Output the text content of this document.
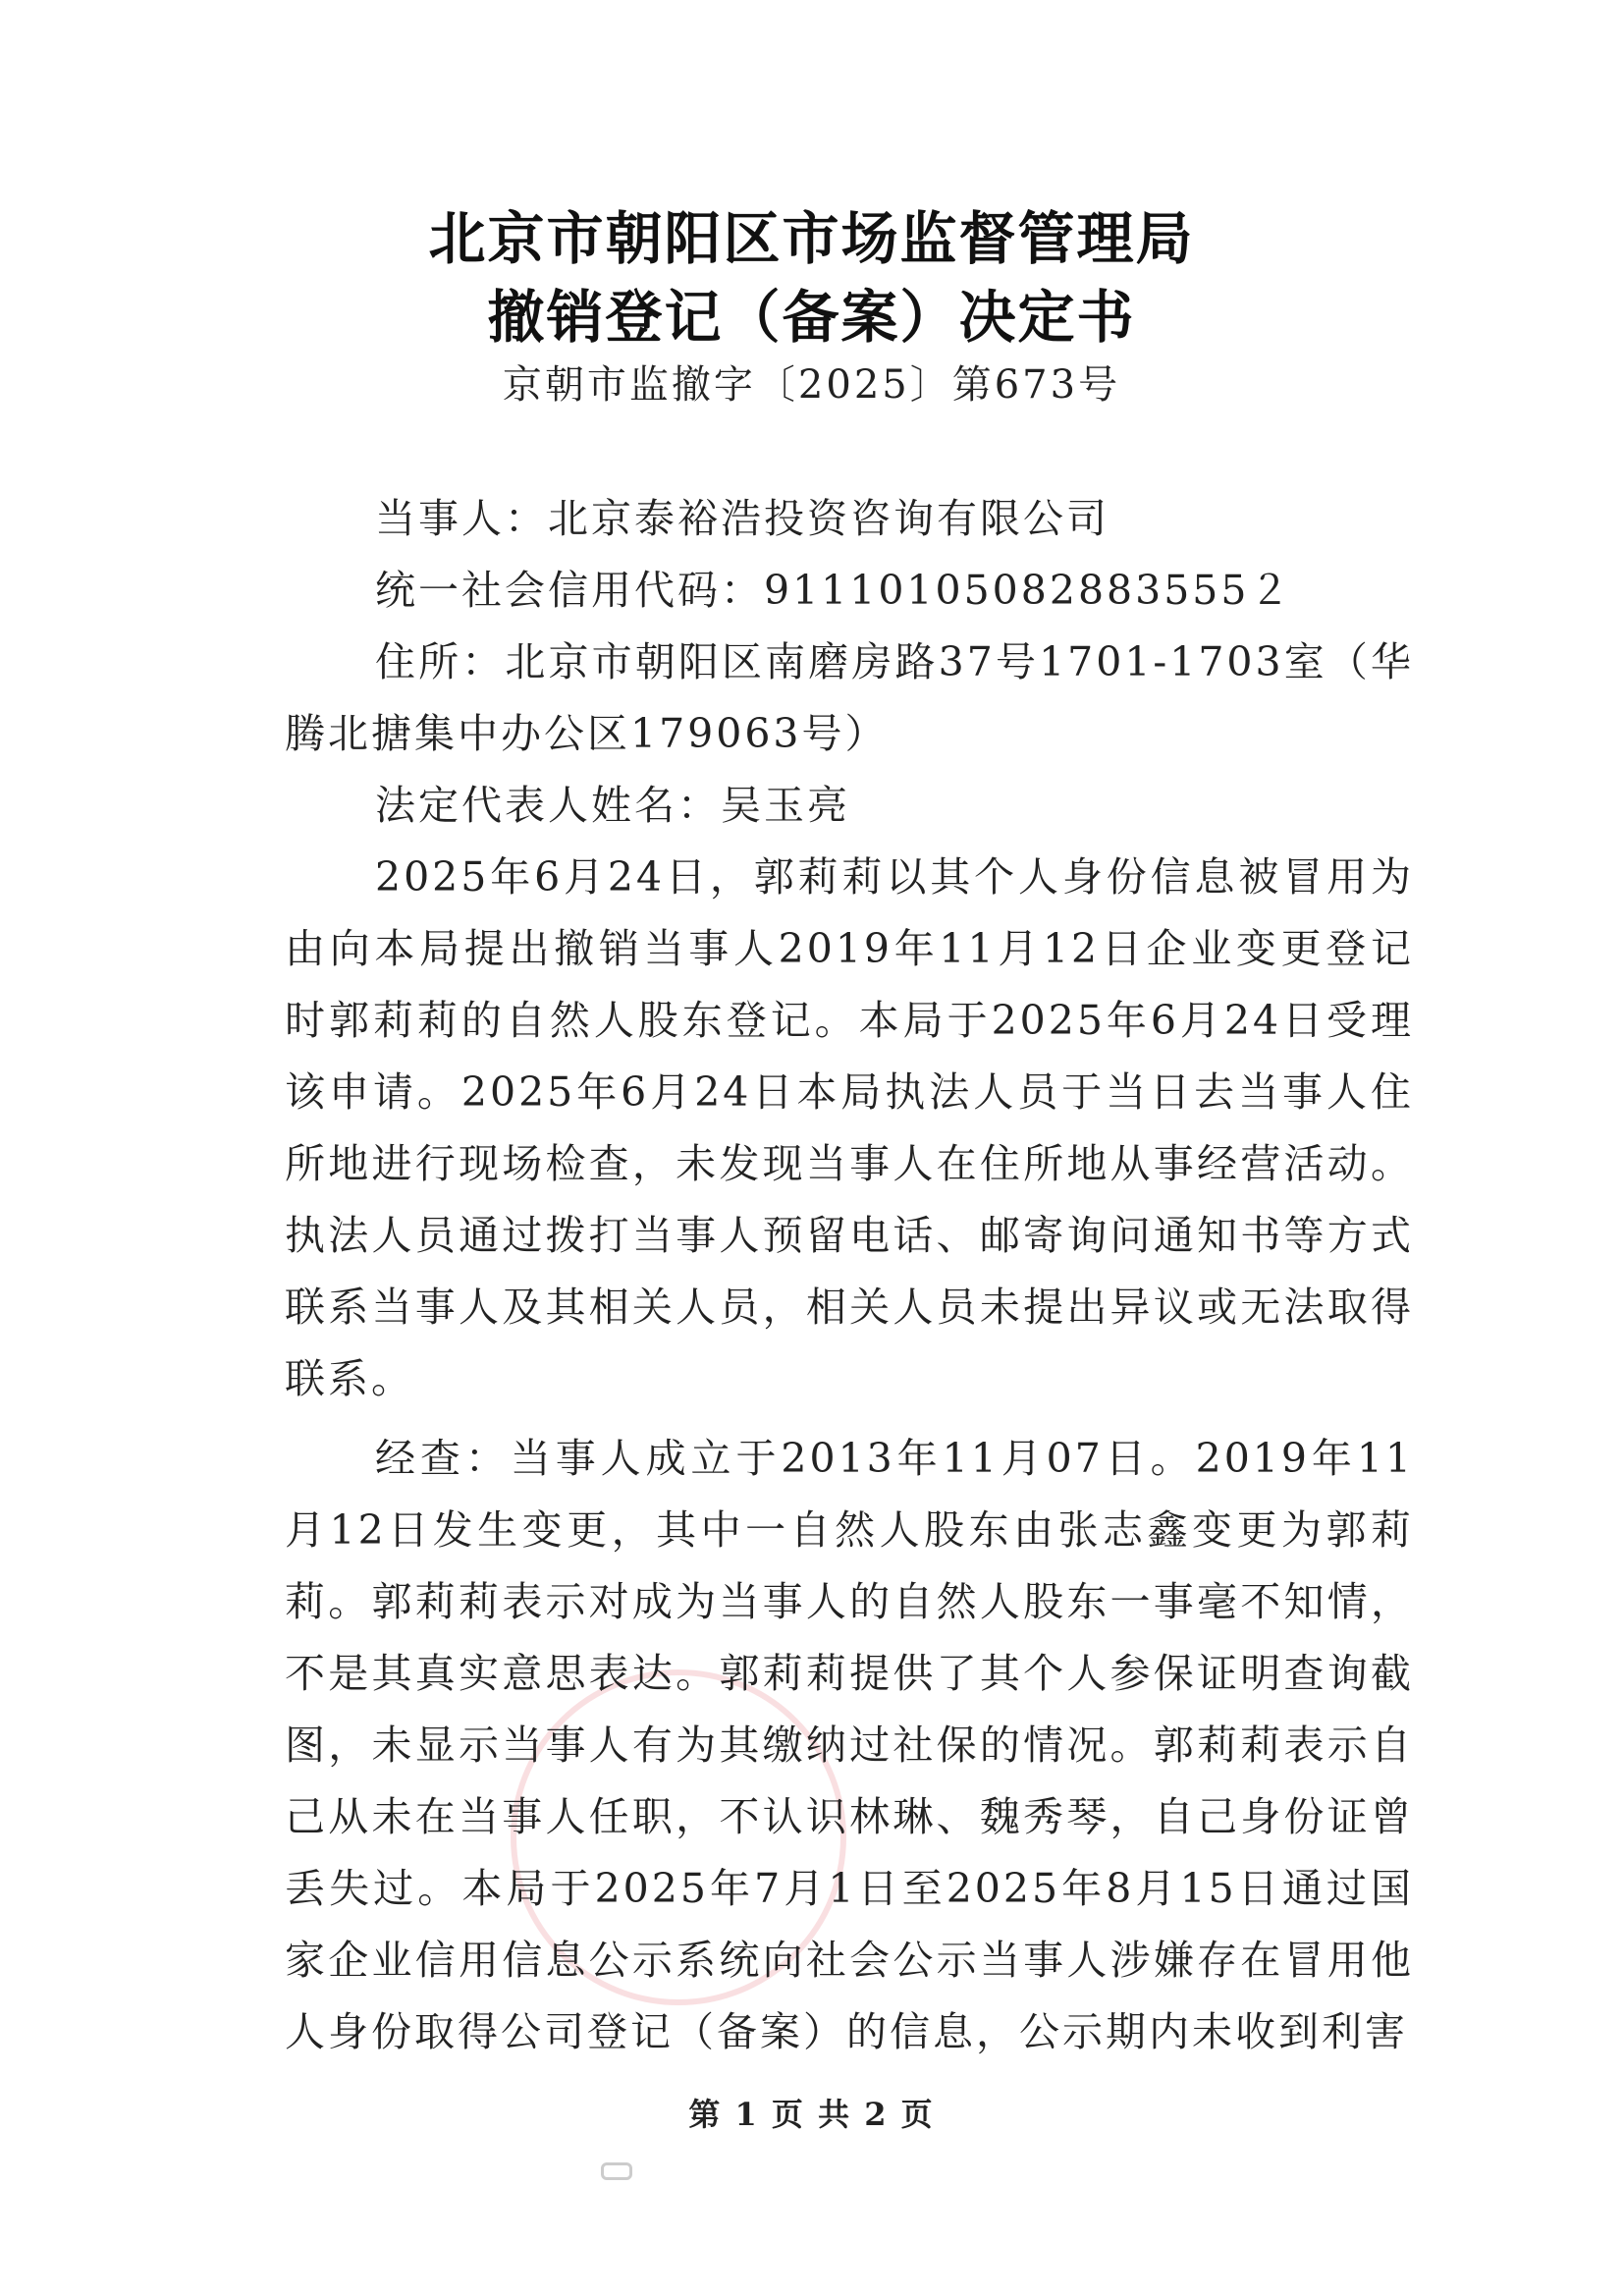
北京市朝阳区市场监督管理局
撤销登记（备案）决定书
京朝市监撤字〔2025〕第673号

当事人：北京泰裕浩投资咨询有限公司

统一社会信用代码：91110105082883555２

住所：北京市朝阳区南磨房路37号1701-1703室（华腾北搪集中办公区179063号）

法定代表人姓名：吴玉亮

2025年6月24日，郭莉莉以其个人身份信息被冒用为由向本局提出撤销当事人2019年11月12日企业变更登记时郭莉莉的自然人股东登记。本局于2025年6月24日受理该申请。2025年6月24日本局执法人员于当日去当事人住所地进行现场检查，未发现当事人在住所地从事经营活动。执法人员通过拨打当事人预留电话、邮寄询问通知书等方式联系当事人及其相关人员，相关人员未提出异议或无法取得联系。

经查：当事人成立于2013年11月07日。2019年11月12日发生变更，其中一自然人股东由张志鑫变更为郭莉莉。郭莉莉表示对成为当事人的自然人股东一事毫不知情，不是其真实意思表达。郭莉莉提供了其个人参保证明查询截图，未显示当事人有为其缴纳过社保的情况。郭莉莉表示自己从未在当事人任职，不认识林琳、魏秀琴，自己身份证曾丢失过。本局于2025年7月1日至2025年8月15日通过国家企业信用信息公示系统向社会公示当事人涉嫌存在冒用他人身份取得公司登记（备案）的信息，公示期内未收到利害

第 1 页 共 2 页
